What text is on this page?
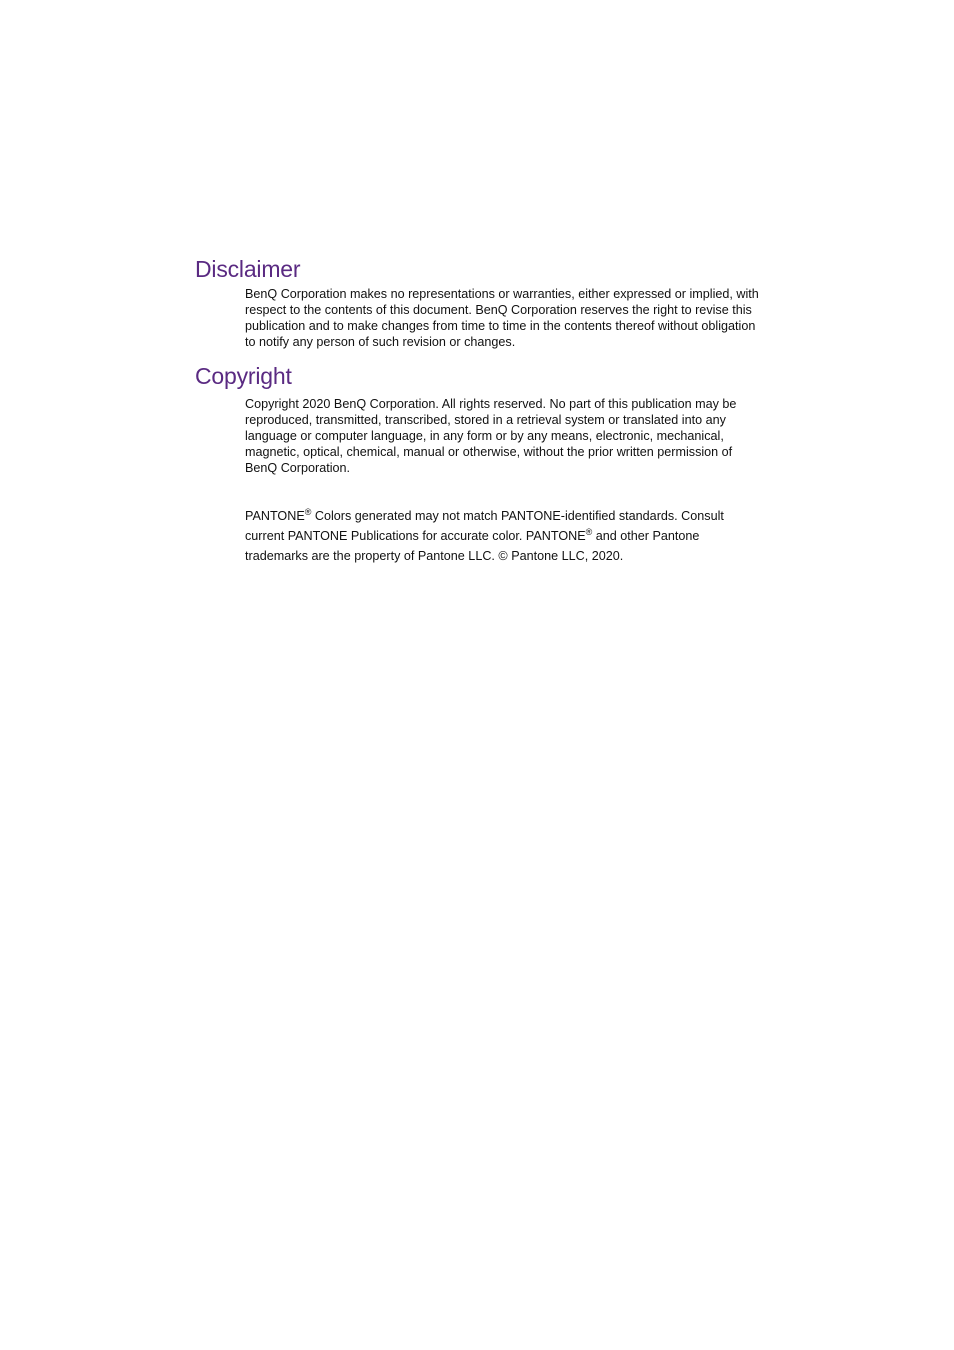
Disclaimer

BenQ Corporation makes no representations or warranties, either expressed or implied, with respect to the contents of this document. BenQ Corporation reserves the right to revise this publication and to make changes from time to time in the contents thereof without obligation to notify any person of such revision or changes.

Copyright

Copyright 2020 BenQ Corporation. All rights reserved. No part of this publication may be reproduced, transmitted, transcribed, stored in a retrieval system or translated into any language or computer language, in any form or by any means, electronic, mechanical, magnetic, optical, chemical, manual or otherwise, without the prior written permission of BenQ Corporation.

PANTONE® Colors generated may not match PANTONE-identified standards. Consult current PANTONE Publications for accurate color. PANTONE® and other Pantone trademarks are the property of Pantone LLC. © Pantone LLC, 2020.
